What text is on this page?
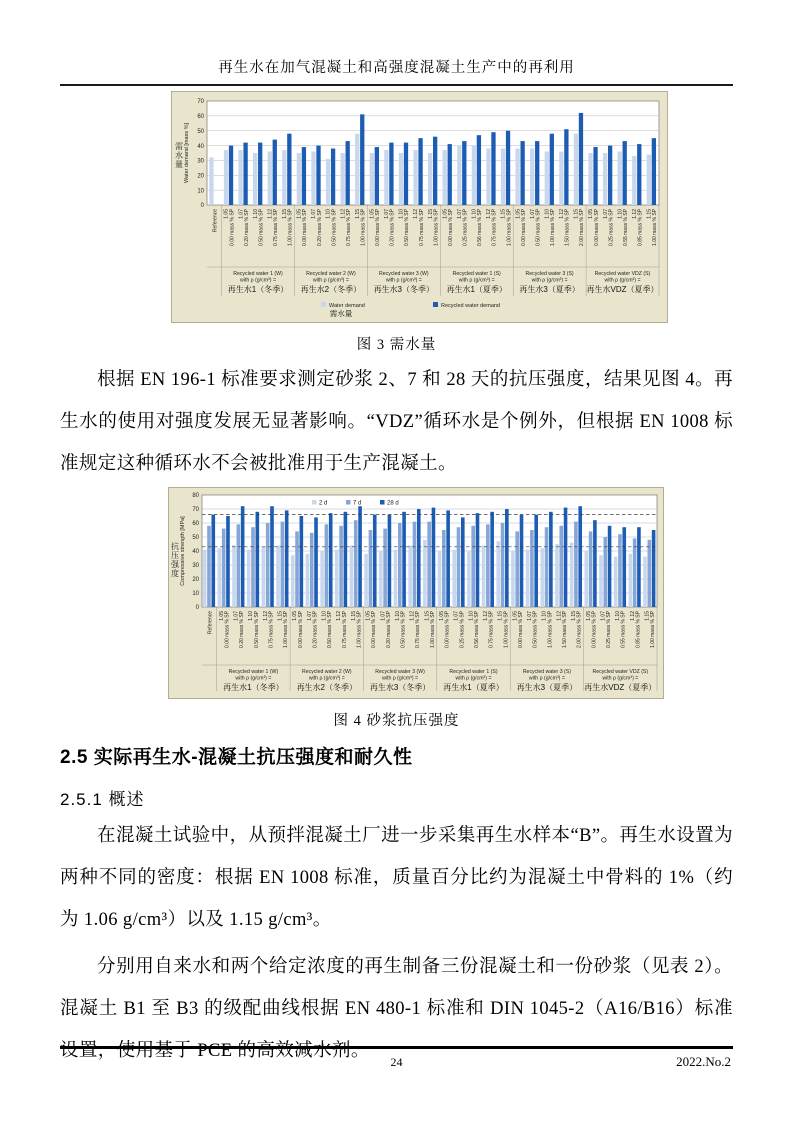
再生水在加气混凝土和高强度混凝土生产中的再利用
0
10
20
30
40
50
60
70
需
水
量 Water demand [mass %]
Reference 1.05 0.00 mass % SP 1.07 0.20 mass % SP 1.10 0.50 mass % SP 1.12 0.75 mass % SP 1.15 1.00 mass % SP 1.05 0.00 mass % SP 1.07 0.20 mass % SP 1.10 0.50 mass % SP 1.12 0.75 mass % SP 1.15 1.00 mass % SP 1.05 0.00 mass % SP 1.07 0.20 mass % SP 1.10 0.50 mass % SP 1.12 0.75 mass % SP 1.15 1.00 mass % SP 1.05 0.00 mass % SP 1.07 0.25 mass % SP 1.10 0.56 mass % SP 1.12 0.75 mass % SP 1.15 1.00 mass % SP 1.05 0.00 mass % SP 1.07 0.50 mass % SP 1.10 1.00 mass % SP 1.12 1.50 mass % SP 1.15 2.00 mass % SP 1.05 0.00 mass % SP 1.07 0.25 mass % SP 1.10 0.55 mass % SP 1.12 0.85 mass % SP 1.15 1.00 mass % SP
Recycled water 1 (W)
with ρ (g/cm³) =
再生水1（冬季）
Recycled water 2 (W)
with ρ (g/cm³) =
再生水2（冬季）
Recycled water 3 (W)
with ρ (g/cm³) =
再生水3（冬季）
Recycled water 1 (S)
with ρ (g/cm³) =
再生水1（夏季）
Recycled water 3 (S)
with ρ (g/cm³) =
再生水3（夏季）
Recycled water VDZ (S)
with ρ (g/cm³) =
再生水VDZ（夏季）
Water demand
需水量
Recycled water demand
图 3 需水量

根据 EN 196-1 标准要求测定砂浆 2、7 和 28 天的抗压强度，结果见图 4。再生水的使用对强度发展无显著影响。“VDZ”循环水是个例外，但根据 EN 1008 标准规定这种循环水不会被批准用于生产混凝土。

0
10
20
30
40
50
60
70
80
抗
压
强
度 Compressive strength [MPa]
Reference 1.05 0.00 mass % SP 1.07 0.20 mass % SP 1.10 0.50 mass % SP 1.12 0.75 mass % SP 1.15 1.00 mass % SP 1.05 0.00 mass % SP 1.07 0.20 mass % SP 1.10 0.50 mass % SP 1.12 0.75 mass % SP 1.15 1.00 mass % SP 1.05 0.00 mass % SP 1.07 0.20 mass % SP 1.10 0.50 mass % SP 1.12 0.75 mass % SP 1.15 1.00 mass % SP 1.05 0.00 mass % SP 1.07 0.25 mass % SP 1.10 0.56 mass % SP 1.12 0.75 mass % SP 1.15 1.00 mass % SP 1.05 0.00 mass % SP 1.07 0.50 mass % SP 1.10 1.00 mass % SP 1.12 1.50 mass % SP 1.15 2.00 mass % SP 1.05 0.00 mass % SP 1.07 0.25 mass % SP 1.10 0.55 mass % SP 1.12 0.85 mass % SP 1.15 1.00 mass % SP
Recycled water 1 (W)
with ρ (g/cm³) =
再生水1（冬季）
Recycled water 2 (W)
with ρ (g/cm³) =
再生水2（冬季）
Recycled water 3 (W)
with ρ (g/cm³) =
再生水3（冬季）
Recycled water 1 (S)
with ρ (g/cm³) =
再生水1（夏季）
Recycled water 3 (S)
with ρ (g/cm³) =
再生水3（夏季）
Recycled water VDZ (S)
with ρ (g/cm³) =
再生水VDZ（夏季）
2 d	7 d	28 d
图 4 砂浆抗压强度
2.5 实际再生水-混凝土抗压强度和耐久性
2.5.1 概述

在混凝土试验中，从预拌混凝土厂进一步采集再生水样本“B”。再生水设置为两种不同的密度：根据 EN 1008 标准，质量百分比约为混凝土中骨料的 1%（约为 1.06 g/cm³）以及 1.15 g/cm³。

分别用自来水和两个给定浓度的再生制备三份混凝土和一份砂浆（见表 2）。混凝土 B1 至 B3 的级配曲线根据 EN 480-1 标准和 DIN 1045-2（A16/B16）标准设置，使用基于 PCE 的高效减水剂。

24	2022.No.2
